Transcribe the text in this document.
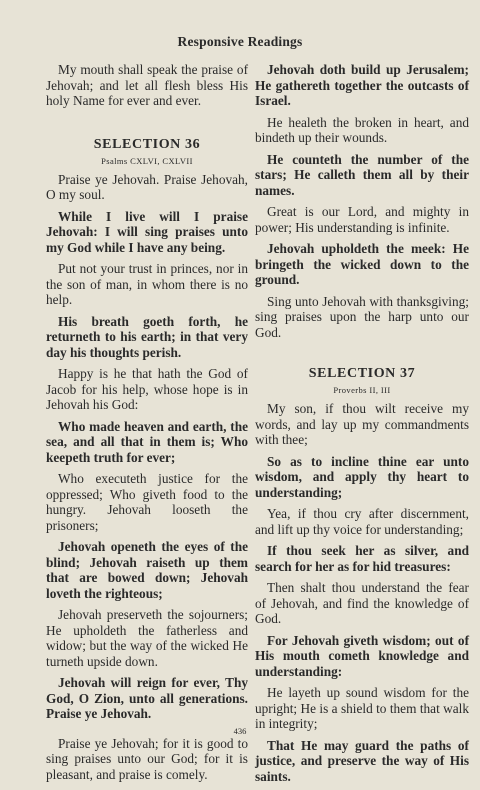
Responsive Readings
My mouth shall speak the praise of Jehovah; and let all flesh bless His holy Name for ever and ever.
SELECTION 36
Psalms CXLVI, CXLVII
Praise ye Jehovah. Praise Jehovah, O my soul.
While I live will I praise Jehovah: I will sing praises unto my God while I have any being.
Put not your trust in princes, nor in the son of man, in whom there is no help.
His breath goeth forth, he returneth to his earth; in that very day his thoughts perish.
Happy is he that hath the God of Jacob for his help, whose hope is in Jehovah his God:
Who made heaven and earth, the sea, and all that in them is; Who keepeth truth for ever;
Who executeth justice for the oppressed; Who giveth food to the hungry. Jehovah looseth the prisoners;
Jehovah openeth the eyes of the blind; Jehovah raiseth up them that are bowed down; Jehovah loveth the righteous;
Jehovah preserveth the sojourners; He upholdeth the fatherless and widow; but the way of the wicked He turneth upside down.
Jehovah will reign for ever, Thy God, O Zion, unto all generations. Praise ye Jehovah.
Praise ye Jehovah; for it is good to sing praises unto our God; for it is pleasant, and praise is comely.
Jehovah doth build up Jerusalem; He gathereth together the outcasts of Israel.
He healeth the broken in heart, and bindeth up their wounds.
He counteth the number of the stars; He calleth them all by their names.
Great is our Lord, and mighty in power; His understanding is infinite.
Jehovah upholdeth the meek: He bringeth the wicked down to the ground.
Sing unto Jehovah with thanksgiving; sing praises upon the harp unto our God.
SELECTION 37
Proverbs II, III
My son, if thou wilt receive my words, and lay up my commandments with thee;
So as to incline thine ear unto wisdom, and apply thy heart to understanding;
Yea, if thou cry after discernment, and lift up thy voice for understanding;
If thou seek her as silver, and search for her as for hid treasures:
Then shalt thou understand the fear of Jehovah, and find the knowledge of God.
For Jehovah giveth wisdom; out of His mouth cometh knowledge and understanding:
He layeth up sound wisdom for the upright; He is a shield to them that walk in integrity;
That He may guard the paths of justice, and preserve the way of His saints.
436
